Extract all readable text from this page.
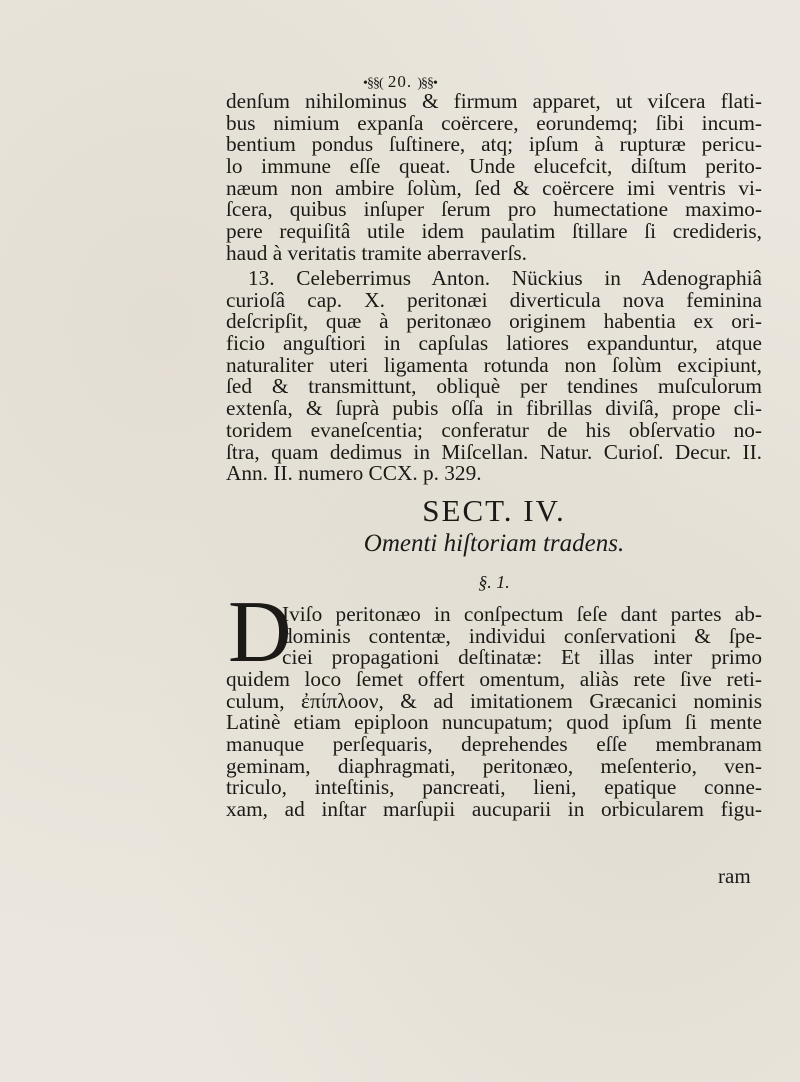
•§§( 20. )§§•
denſum nihilominus & firmum apparet, ut viſcera flati-
bus nimium expanſa coërcere, eorundemq; ſibi incum-
bentium pondus ſuſtinere, atq; ipſum à rupturæ pericu-
lo immune eſſe queat. Unde elucefcit, diſtum perito-
næum non ambire ſolùm, ſed & coërcere imi ventris vi-
ſcera, quibus inſuper ſerum pro humectatione maximo-
pere requiſitâ utile idem paulatim ſtillare ſi credideris,
haud à veritatis tramite aberraverſs.
13. Celeberrimus Anton. Nückius in Adenographiâ
curioſâ cap. X. peritonæi diverticula nova feminina
deſcripſit, quæ à peritonæo originem habentia ex ori-
ficio anguſtiori in capſulas latiores expanduntur, atque
naturaliter uteri ligamenta rotunda non ſolùm excipiunt,
ſed & transmittunt, obliquè per tendines muſculorum
extenſa, & ſuprà pubis oſſa in fibrillas diviſâ, prope cli-
toridem evaneſcentia; conferatur de his obſervatio no-
ſtra, quam dedimus in Miſcellan. Natur. Curioſ. Decur. II.
Ann. II. numero CCX. p. 329.
SECT. IV.
Omenti hiſtoriam tradens.
§. 1.
D
Iviſo peritonæo in conſpectum ſeſe dant partes ab-
dominis contentæ, individui conſervationi & ſpe-
ciei propagationi deſtinatæ: Et illas inter primo
quidem loco ſemet offert omentum, aliàs rete ſive reti-
culum, ἐπίπλοον, & ad imitationem Græcanici nominis
Latinè etiam epiploon nuncupatum; quod ipſum ſi mente
manuque perſequaris, deprehendes eſſe membranam
geminam, diaphragmati, peritonæo, meſenterio, ven-
triculo, inteſtinis, pancreati, lieni, epatique conne-
xam, ad inſtar marſupii aucuparii in orbicularem figu-
ram
